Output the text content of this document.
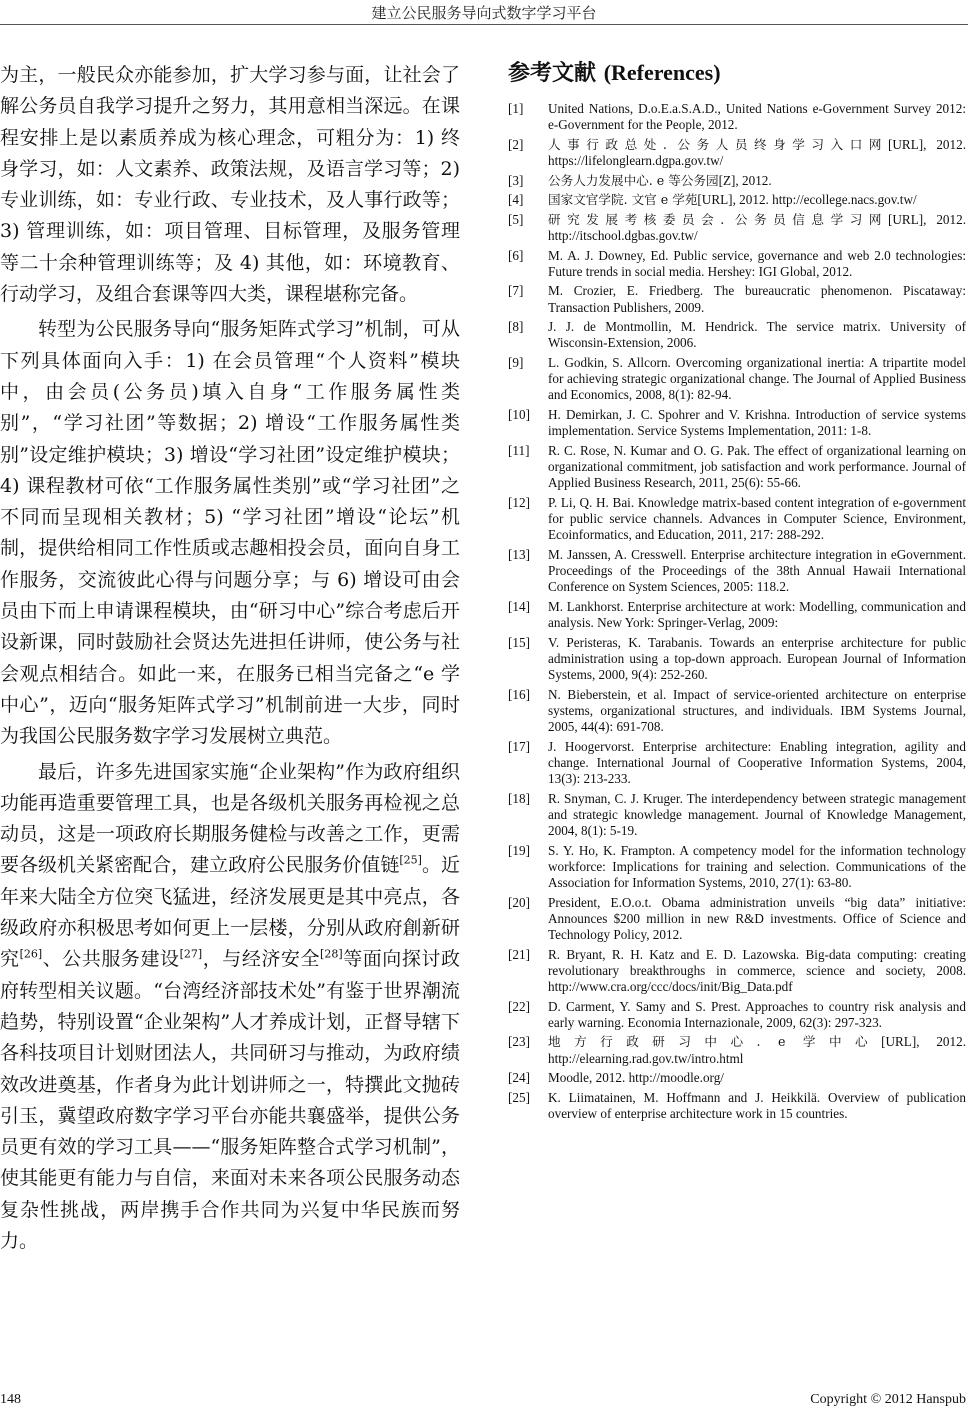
建立公民服务导向式数字学习平台

为主，一般民众亦能参加，扩大学习参与面，让社会了解公务员自我学习提升之努力，其用意相当深远。在课程安排上是以素质养成为核心理念，可粗分为：1) 终身学习，如：人文素养、政策法规，及语言学习等；2) 专业训练，如：专业行政、专业技术，及人事行政等；3) 管理训练，如：项目管理、目标管理，及服务管理等二十余种管理训练等；及 4) 其他，如：环境教育、行动学习，及组合套课等四大类，课程堪称完备。

转型为公民服务导向“服务矩阵式学习”机制，可从下列具体面向入手：1) 在会员管理“个人资料”模块中，由会员(公务员)填入自身“工作服务属性类别”，“学习社团”等数据；2) 增设“工作服务属性类别”设定维护模块；3) 增设“学习社团”设定维护模块；4) 课程教材可依“工作服务属性类别”或“学习社团”之不同而呈现相关教材；5) “学习社团”增设“论坛”机制，提供给相同工作性质或志趣相投会员，面向自身工作服务，交流彼此心得与问题分享；与 6) 增设可由会员由下而上申请课程模块，由“研习中心”综合考虑后开设新课，同时鼓励社会贤达先进担任讲师，使公务与社会观点相结合。如此一来，在服务已相当完备之“e 学中心”，迈向“服务矩阵式学习”机制前进一大步，同时为我国公民服务数字学习发展树立典范。

最后，许多先进国家实施“企业架构”作为政府组织功能再造重要管理工具，也是各级机关服务再检视之总动员，这是一项政府长期服务健检与改善之工作，更需要各级机关紧密配合，建立政府公民服务价值链[25]。近年来大陆全方位突飞猛进，经济发展更是其中亮点，各级政府亦积极思考如何更上一层楼，分别从政府創新研究[26]、公共服务建设[27]，与经济安全[28]等面向探讨政府转型相关议题。“台湾经济部技术处”有鉴于世界潮流趋势，特别设置“企业架构”人才养成计划，正督导辖下各科技项目计划财团法人，共同研习与推动，为政府绩效改进奠基，作者身为此计划讲师之一，特撰此文抛砖引玉，冀望政府数字学习平台亦能共襄盛举，提供公务员更有效的学习工具——“服务矩阵整合式学习机制”，使其能更有能力与自信，来面对未来各项公民服务动态复杂性挑战，两岸携手合作共同为兴复中华民族而努力。

参考文献 (References)
[1]	United Nations, D.o.E.a.S.A.D., United Nations e-Government Survey 2012: e-Government for the People, 2012.
[2]	人事行政总处. 公务人员终身学习入口网[URL], 2012. https://lifelonglearn.dgpa.gov.tw/
[3]	公务人力发展中心. e 等公务园[Z], 2012.
[4]	国家文官学院. 文官 e 学苑[URL], 2012. http://ecollege.nacs.gov.tw/
[5]	研究发展考核委员会. 公务员信息学习网[URL], 2012. http://itschool.dgbas.gov.tw/
[6]	M. A. J. Downey, Ed. Public service, governance and web 2.0 technologies: Future trends in social media. Hershey: IGI Global, 2012.
[7]	M. Crozier, E. Friedberg. The bureaucratic phenomenon. Piscataway: Transaction Publishers, 2009.
[8]	J. J. de Montmollin, M. Hendrick. The service matrix. University of Wisconsin-Extension, 2006.
[9]	L. Godkin, S. Allcorn. Overcoming organizational inertia: A tripartite model for achieving strategic organizational change. The Journal of Applied Business and Economics, 2008, 8(1): 82-94.
[10]	H. Demirkan, J. C. Spohrer and V. Krishna. Introduction of service systems implementation. Service Systems Implementation, 2011: 1-8.
[11]	R. C. Rose, N. Kumar and O. G. Pak. The effect of organizational learning on organizational commitment, job satisfaction and work performance. Journal of Applied Business Research, 2011, 25(6): 55-66.
[12]	P. Li, Q. H. Bai. Knowledge matrix-based content integration of e-government for public service channels. Advances in Computer Science, Environment, Ecoinformatics, and Education, 2011, 217: 288-292.
[13]	M. Janssen, A. Cresswell. Enterprise architecture integration in eGovernment. Proceedings of the Proceedings of the 38th Annual Hawaii International Conference on System Sciences, 2005: 118.2.
[14]	M. Lankhorst. Enterprise architecture at work: Modelling, communication and analysis. New York: Springer-Verlag, 2009:
[15]	V. Peristeras, K. Tarabanis. Towards an enterprise architecture for public administration using a top-down approach. European Journal of Information Systems, 2000, 9(4): 252-260.
[16]	N. Bieberstein, et al. Impact of service-oriented architecture on enterprise systems, organizational structures, and individuals. IBM Systems Journal, 2005, 44(4): 691-708.
[17]	J. Hoogervorst. Enterprise architecture: Enabling integration, agility and change. International Journal of Cooperative Information Systems, 2004, 13(3): 213-233.
[18]	R. Snyman, C. J. Kruger. The interdependency between strategic management and strategic knowledge management. Journal of Knowledge Management, 2004, 8(1): 5-19.
[19]	S. Y. Ho, K. Frampton. A competency model for the information technology workforce: Implications for training and selection. Communications of the Association for Information Systems, 2010, 27(1): 63-80.
[20]	President, E.O.o.t. Obama administration unveils “big data” initiative: Announces $200 million in new R&D investments. Office of Science and Technology Policy, 2012.
[21]	R. Bryant, R. H. Katz and E. D. Lazowska. Big-data computing: creating revolutionary breakthroughs in commerce, science and society, 2008. http://www.cra.org/ccc/docs/init/Big_Data.pdf
[22]	D. Carment, Y. Samy and S. Prest. Approaches to country risk analysis and early warning. Economia Internazionale, 2009, 62(3): 297-323.
[23]	地方行政研习中心. e 学中心[URL], 2012. http://elearning.rad.gov.tw/intro.html
[24]	Moodle, 2012. http://moodle.org/
[25]	K. Liimatainen, M. Hoffmann and J. Heikkilä. Overview of publication overview of enterprise architecture work in 15 countries.
148	Copyright © 2012 Hanspub
